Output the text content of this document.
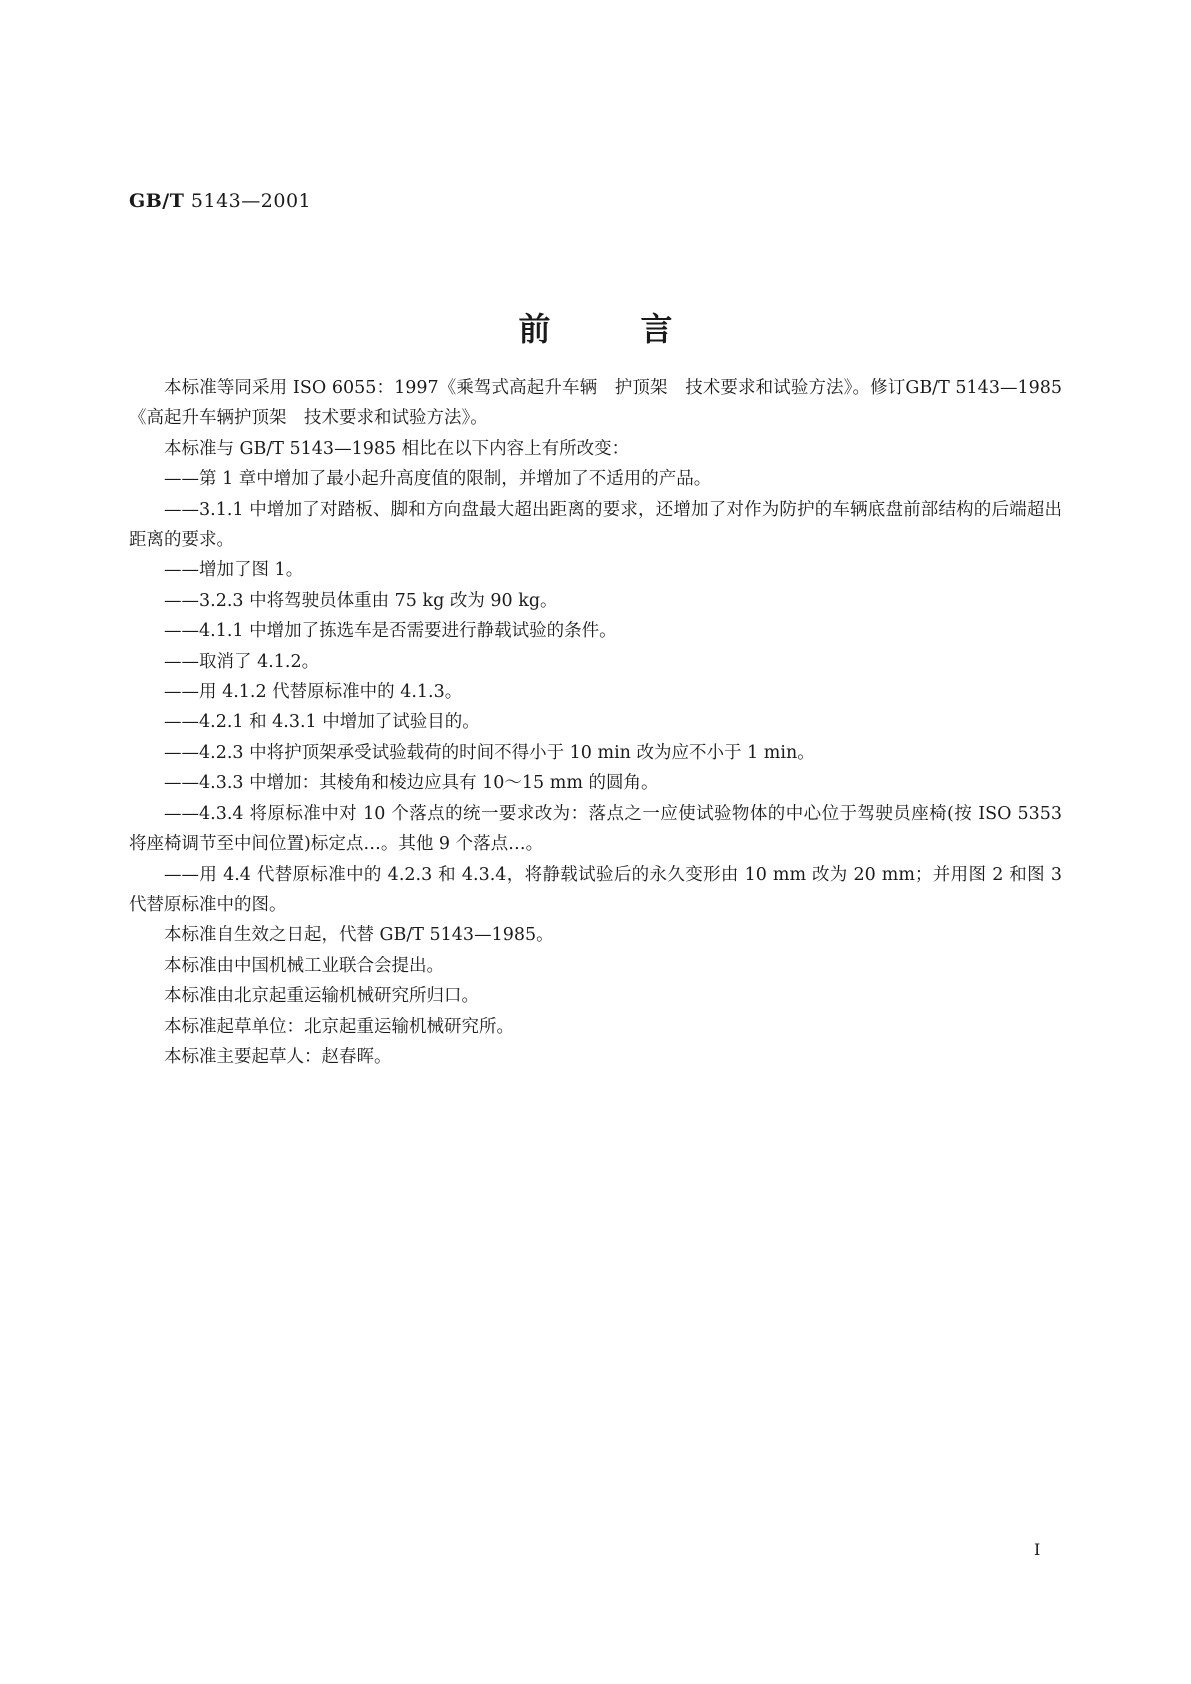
GB/T 5143—2001
前言

本标准等同采用 ISO 6055：1997《乘驾式高起升车辆　护顶架　技术要求和试验方法》。修订GB/T 5143—1985《高起升车辆护顶架　技术要求和试验方法》。

本标准与 GB/T 5143—1985 相比在以下内容上有所改变：

——第 1 章中增加了最小起升高度值的限制，并增加了不适用的产品。

——3.1.1 中增加了对踏板、脚和方向盘最大超出距离的要求，还增加了对作为防护的车辆底盘前部结构的后端超出距离的要求。

——增加了图 1。

——3.2.3 中将驾驶员体重由 75 kg 改为 90 kg。

——4.1.1 中增加了拣选车是否需要进行静载试验的条件。

——取消了 4.1.2。

——用 4.1.2 代替原标准中的 4.1.3。

——4.2.1 和 4.3.1 中增加了试验目的。

——4.2.3 中将护顶架承受试验载荷的时间不得小于 10 min 改为应不小于 1 min。

——4.3.3 中增加：其棱角和棱边应具有 10～15 mm 的圆角。

——4.3.4 将原标准中对 10 个落点的统一要求改为：落点之一应使试验物体的中心位于驾驶员座椅(按 ISO 5353 将座椅调节至中间位置)标定点…。其他 9 个落点…。

——用 4.4 代替原标准中的 4.2.3 和 4.3.4，将静载试验后的永久变形由 10 mm 改为 20 mm；并用图 2 和图 3 代替原标准中的图。

本标准自生效之日起，代替 GB/T 5143—1985。

本标准由中国机械工业联合会提出。

本标准由北京起重运输机械研究所归口。

本标准起草单位：北京起重运输机械研究所。

本标准主要起草人：赵春晖。

I
